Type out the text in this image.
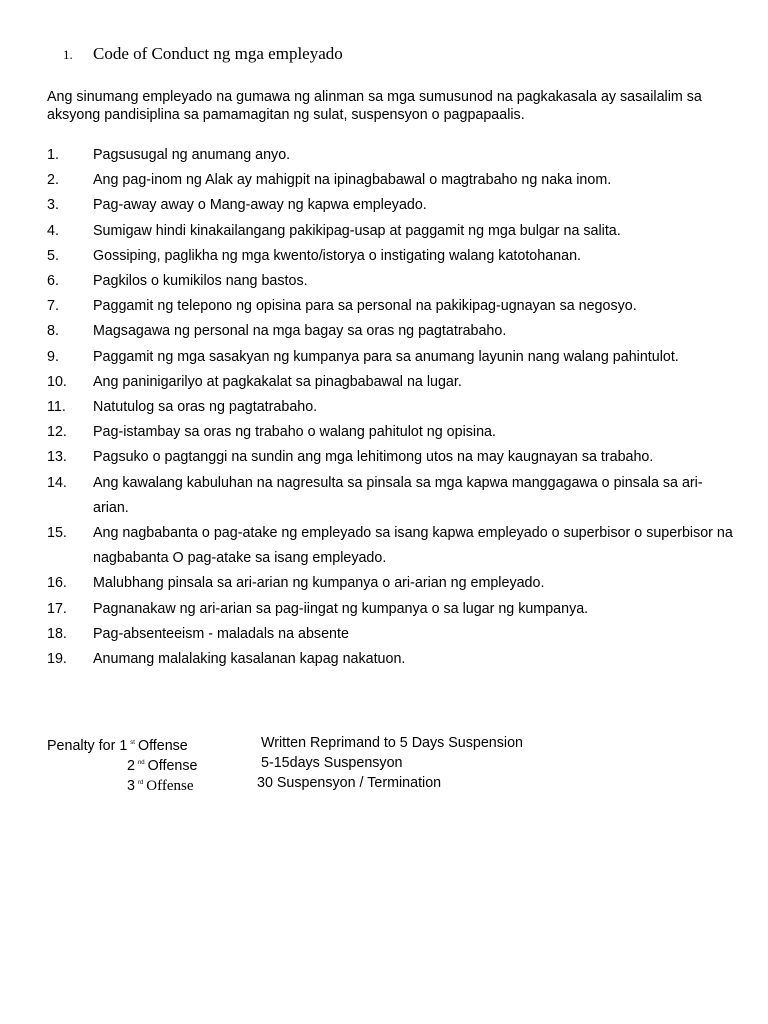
1. Code of Conduct ng mga empleyado
Ang sinumang empleyado na gumawa ng alinman sa mga sumusunod na pagkakasala ay sasailalim sa aksyong pandisiplina sa pamamagitan ng sulat, suspensyon o pagpapaalis.
1. Pagsusugal ng anumang anyo.
2. Ang pag-inom ng Alak ay mahigpit na ipinagbabawal o magtrabaho ng naka inom.
3. Pag-away away o Mang-away ng kapwa empleyado.
4. Sumigaw hindi kinakailangang pakikipag-usap at paggamit ng mga bulgar na salita.
5. Gossiping, paglikha ng mga kwento/istorya o instigating walang katotohanan.
6. Pagkilos o kumikilos nang bastos.
7. Paggamit ng telepono ng opisina para sa personal na pakikipag-ugnayan sa negosyo.
8. Magsagawa ng personal na mga bagay sa oras ng pagtatrabaho.
9. Paggamit ng mga sasakyan ng kumpanya para sa anumang layunin nang walang pahintulot.
10. Ang paninigarilyo at pagkakalat sa pinagbabawal na lugar.
11. Natutulog sa oras ng pagtatrabaho.
12. Pag-istambay sa oras ng trabaho o walang pahitulot ng opisina.
13. Pagsuko o pagtanggi na sundin ang mga lehitimong utos na may kaugnayan sa trabaho.
14. Ang kawalang kabuluhan na nagresulta sa pinsala sa mga kapwa manggagawa o pinsala sa ari-arian.
15. Ang nagbabanta o pag-atake ng empleyado sa isang kapwa empleyado o superbisor o superbisor na nagbabanta O pag-atake sa isang empleyado.
16. Malubhang pinsala sa ari-arian ng kumpanya o ari-arian ng empleyado.
17. Pagnanakaw ng ari-arian sa pag-iingat ng kumpanya o sa lugar ng kumpanya.
18. Pag-absenteeism - maladals na absente
19. Anumang malalaking kasalanan kapag nakatuon.
Penalty for 1 $^{st}$ Offense	Written Reprimand to 5 Days Suspension
2 $^{nd}$ Offense	5-15days Suspensyon
3 $^{rd}$ Offense	30 Suspensyon / Termination
